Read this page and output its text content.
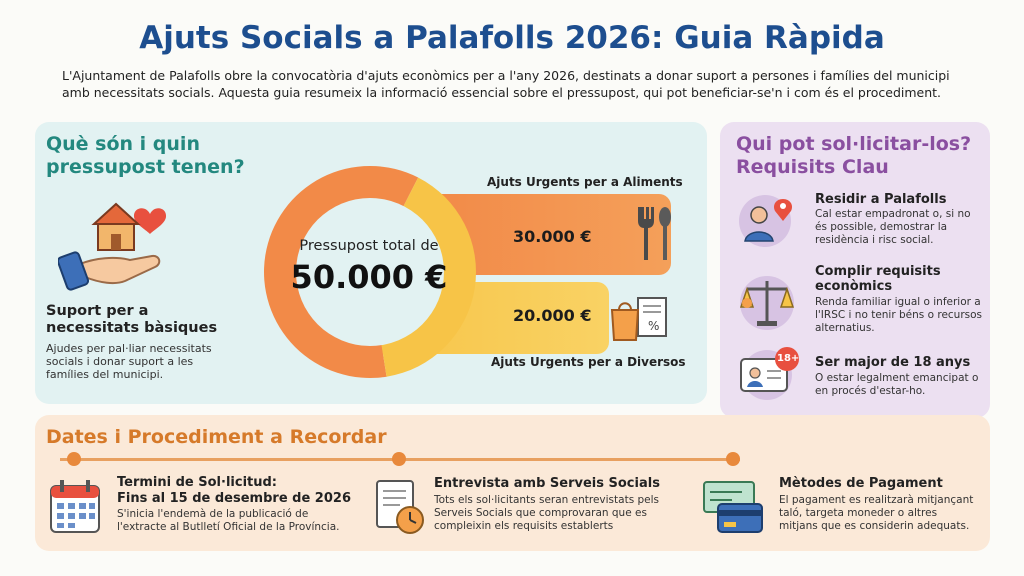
Ajuts Socials a Palafolls 2026: Guia Ràpida
L'Ajuntament de Palafolls obre la convocatòria d'ajuts econòmics per a l'any 2026, destinats a donar suport a persones i famílies del municipi amb necessitats socials. Aquesta guia resumeix la informació essencial sobre el pressupost, qui pot beneficiar-se'n i com és el procediment.
Què són i quin pressupost tenen?
Suport per a necessitats bàsiques
Ajudes per pal·liar necessitats socials i donar suport a les famílies del municipi.
Pressupost total de
50.000 €
Ajuts Urgents per a Aliments
30.000 €
Ajuts Urgents per a Diversos
20.000 €
%
Qui pot sol·licitar-los? Requisits Clau
Residir a Palafolls
Cal estar empadronat o, si no és possible, demostrar la residència i risc social.
Complir requisits econòmics
Renda familiar igual o inferior a l'IRSC i no tenir béns o recursos alternatius.
18+ Ser major de 18 anys
O estar legalment emancipat o en procés d'estar-ho.
Dates i Procediment a Recordar
Termini de Sol·licitud:
Fins al 15 de desembre de 2026
S'inicia l'endemà de la publicació de l'extracte al Butlletí Oficial de la Província.
Entrevista amb Serveis Socials
Tots els sol·licitants seran entrevistats pels Serveis Socials que comprovaran que es compleixin els requisits establerts
Mètodes de Pagament
El pagament es realitzarà mitjançant taló, targeta moneder o altres mitjans que es considerin adequats.
